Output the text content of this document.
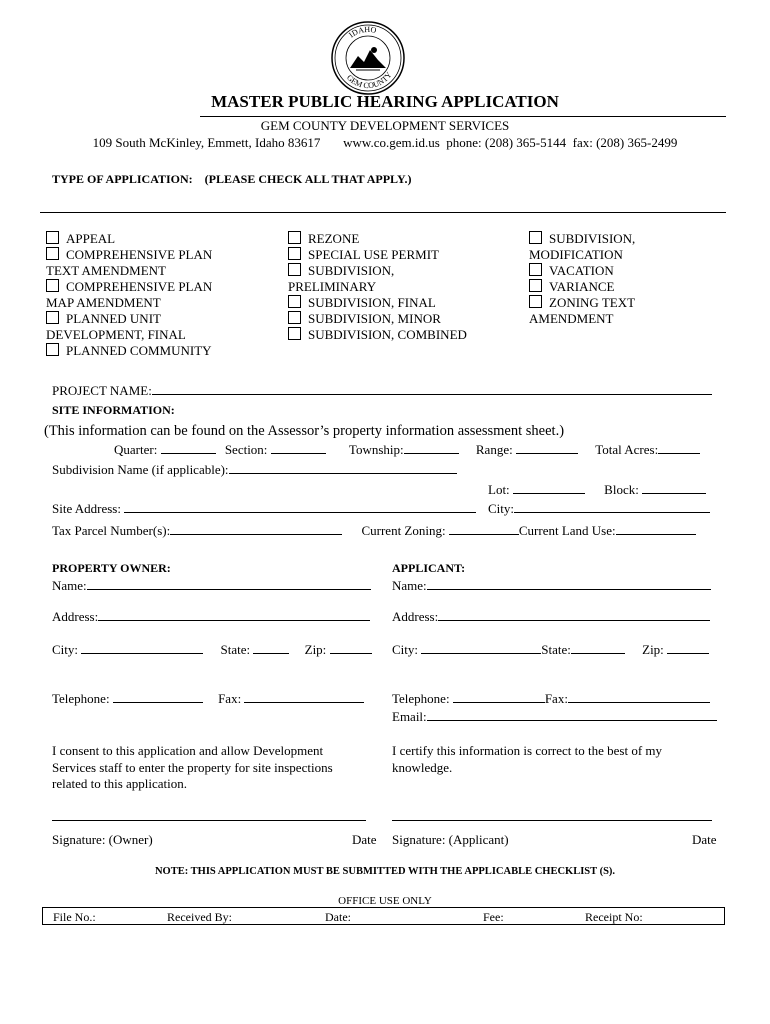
IDAHO
GEM COUNTY
MASTER PUBLIC HEARING APPLICATION
GEM COUNTY DEVELOPMENT SERVICES
109 South McKinley, Emmett, Idaho 83617       www.co.gem.id.us  phone: (208) 365-5144  fax: (208) 365-2499
TYPE OF APPLICATION:    (PLEASE CHECK ALL THAT APPLY.)
APPEAL
COMPREHENSIVE PLAN
TEXT AMENDMENT
COMPREHENSIVE PLAN
MAP AMENDMENT
PLANNED UNIT
DEVELOPMENT, FINAL
PLANNED COMMUNITY
REZONE
SPECIAL USE PERMIT
SUBDIVISION,
PRELIMINARY
SUBDIVISION, FINAL
SUBDIVISION, MINOR
SUBDIVISION, COMBINED
SUBDIVISION,
MODIFICATION
VACATION
VARIANCE
ZONING TEXT
AMENDMENT
PROJECT NAME:
SITE INFORMATION:
(This information can be found on the Assessor’s property information assessment sheet.)
Quarter:	Section:	Township:	Range:	Total Acres:
Subdivision Name (if applicable):
Lot:	Block:
Site Address:	City:
Tax Parcel Number(s):	Current Zoning:	Current Land Use:
PROPERTY OWNER:	APPLICANT:
Name:	Name:
Address:	Address:
City:	State:	Zip:	City:	State:	Zip:
Telephone:	Fax:	Telephone:	Fax:
Email:
I consent to this application and allow Development
Services staff to enter the property for site inspections
related to this application.
I certify this information is correct to the best of my
knowledge.
Signature: (Owner)	Date Signature: (Applicant)	Date
NOTE: THIS APPLICATION MUST BE SUBMITTED WITH THE APPLICABLE CHECKLIST (S).
OFFICE USE ONLY
File No.:	Received By:	Date:	Fee:	Receipt No:
